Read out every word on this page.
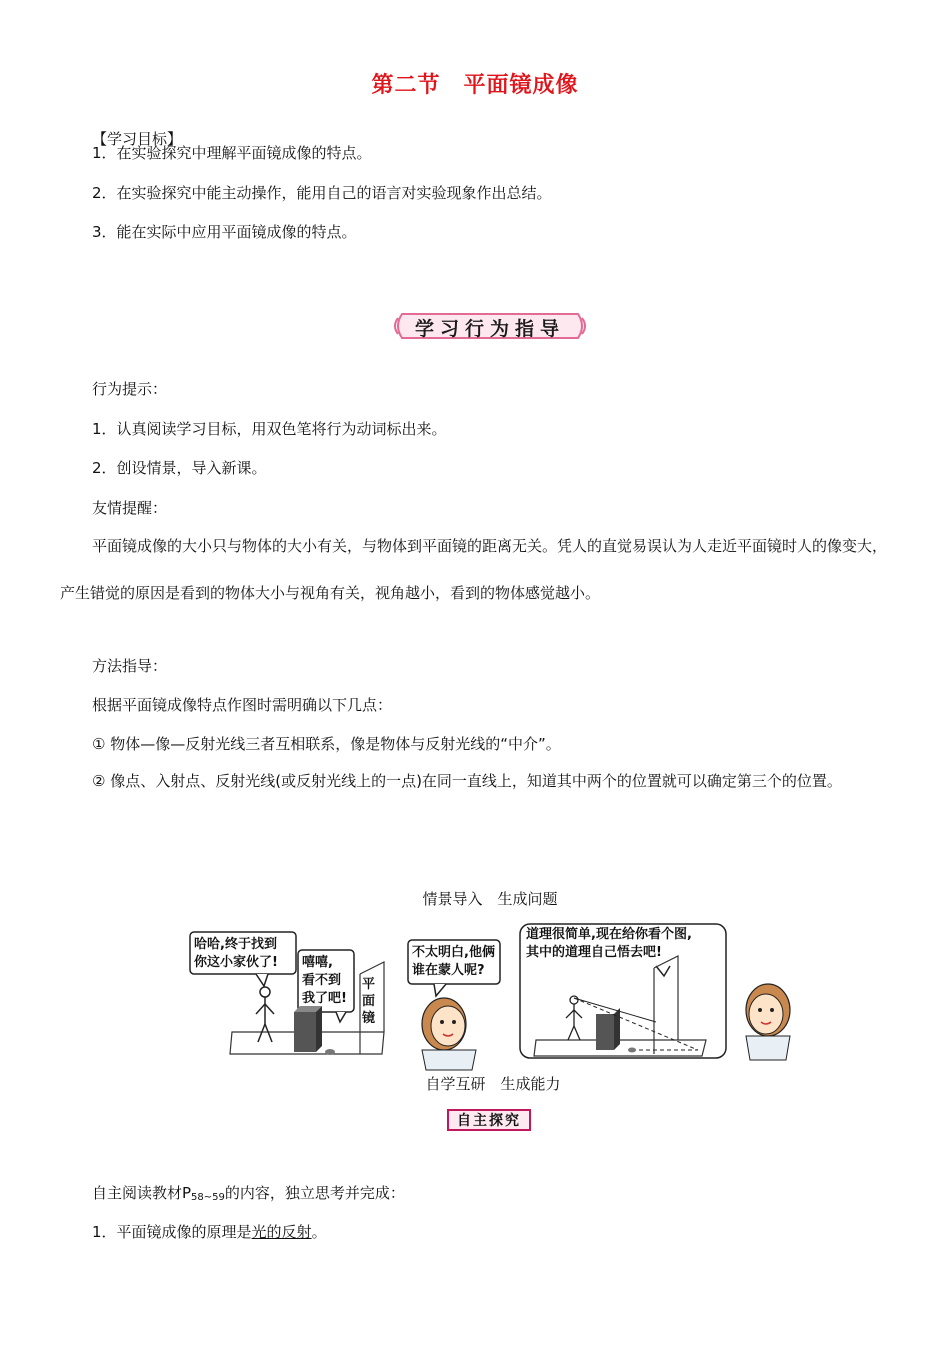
第二节　平面镜成像
【学习目标】
1．在实验探究中理解平面镜成像的特点。
2．在实验探究中能主动操作，能用自己的语言对实验现象作出总结。
3．能在实际中应用平面镜成像的特点。
学习行为指导
行为提示：
1．认真阅读学习目标，用双色笔将行为动词标出来。
2．创设情景，导入新课。
友情提醒：
平面镜成像的大小只与物体的大小有关，与物体到平面镜的距离无关。凭人的直觉易误认为人走近平面镜时人的像变大，产生错觉的原因是看到的物体大小与视角有关，视角越小，看到的物体感觉越小。
方法指导：
根据平面镜成像特点作图时需明确以下几点：
① 物体—像—反射光线三者互相联系，像是物体与反射光线的“中介”。
② 像点、入射点、反射光线(或反射光线上的一点)在同一直线上，知道其中两个的位置就可以确定第三个的位置。
情景导入　生成问题
哈哈,终于找到
你这小家伙了! 嘻嘻,
看不到
我了吧!
平
面
镜
不太明白,他俩
谁在蒙人呢?
道理很简单,现在给你看个图,
其中的道理自己悟去吧!
自学互研　生成能力
自主探究
自主阅读教材$P_{58\sim 59}$的内容，独立思考并完成：
1．平面镜成像的原理是光的反射。
